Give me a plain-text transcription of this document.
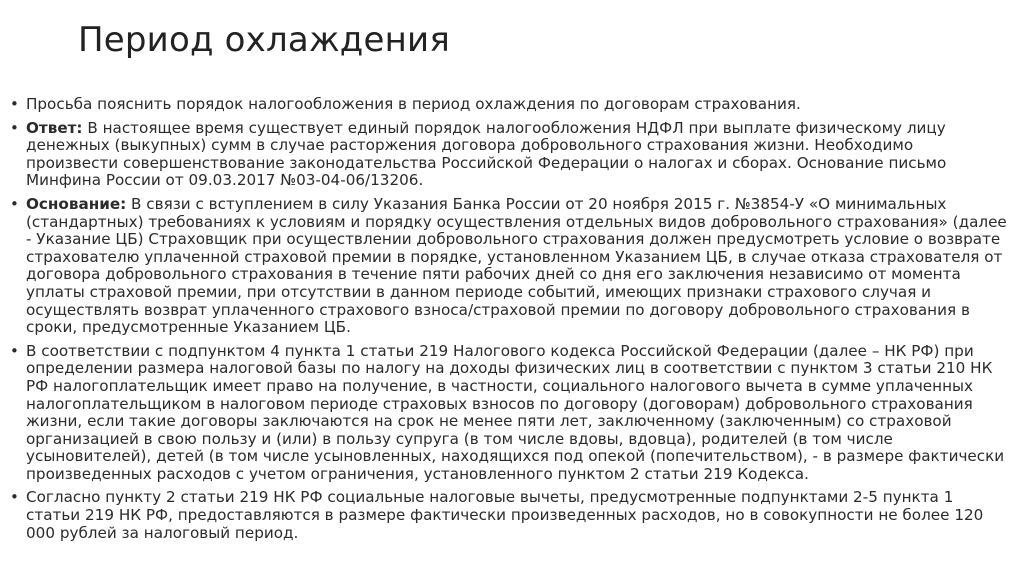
Период охлаждения
• Просьба пояснить порядок налогообложения в период охлаждения по договорам страхования.
• Ответ: В настоящее время существует единый порядок налогообложения НДФЛ при выплате физическому лицу денежных (выкупных) сумм в случае расторжения договора добровольного страхования жизни. Необходимо произвести совершенствование законодательства Российской Федерации о налогах и сборах. Основание письмо Минфина России от 09.03.2017 №03-04-06/13206.
• Основание: В связи с вступлением в силу Указания Банка России от 20 ноября 2015 г. №3854-У «О минимальных (стандартных) требованиях к условиям и порядку осуществления отдельных видов добровольного страхования» (далее - Указание ЦБ) Страховщик при осуществлении добровольного страхования должен предусмотреть условие о возврате страхователю уплаченной страховой премии в порядке, установленном Указанием ЦБ, в случае отказа страхователя от договора добровольного страхования в течение пяти рабочих дней со дня его заключения независимо от момента уплаты страховой премии, при отсутствии в данном периоде событий, имеющих признаки страхового случая и осуществлять возврат уплаченного страхового взноса/страховой премии по договору добровольного страхования в сроки, предусмотренные Указанием ЦБ.
• В соответствии с подпунктом 4 пункта 1 статьи 219 Налогового кодекса Российской Федерации (далее – НК РФ) при определении размера налоговой базы по налогу на доходы физических лиц в соответствии с пунктом 3 статьи 210 НК РФ налогоплательщик имеет право на получение, в частности, социального налогового вычета в сумме уплаченных налогоплательщиком в налоговом периоде страховых взносов по договору (договорам) добровольного страхования жизни, если такие договоры заключаются на срок не менее пяти лет, заключенному (заключенным) со страховой организацией в свою пользу и (или) в пользу супруга (в том числе вдовы, вдовца), родителей (в том числе усыновителей), детей (в том числе усыновленных, находящихся под опекой (попечительством), - в размере фактически произведенных расходов с учетом ограничения, установленного пунктом 2 статьи 219 Кодекса.
• Согласно пункту 2 статьи 219 НК РФ социальные налоговые вычеты, предусмотренные подпунктами 2-5 пункта 1 статьи 219 НК РФ, предоставляются в размере фактически произведенных расходов, но в совокупности не более 120 000 рублей за налоговый период.
